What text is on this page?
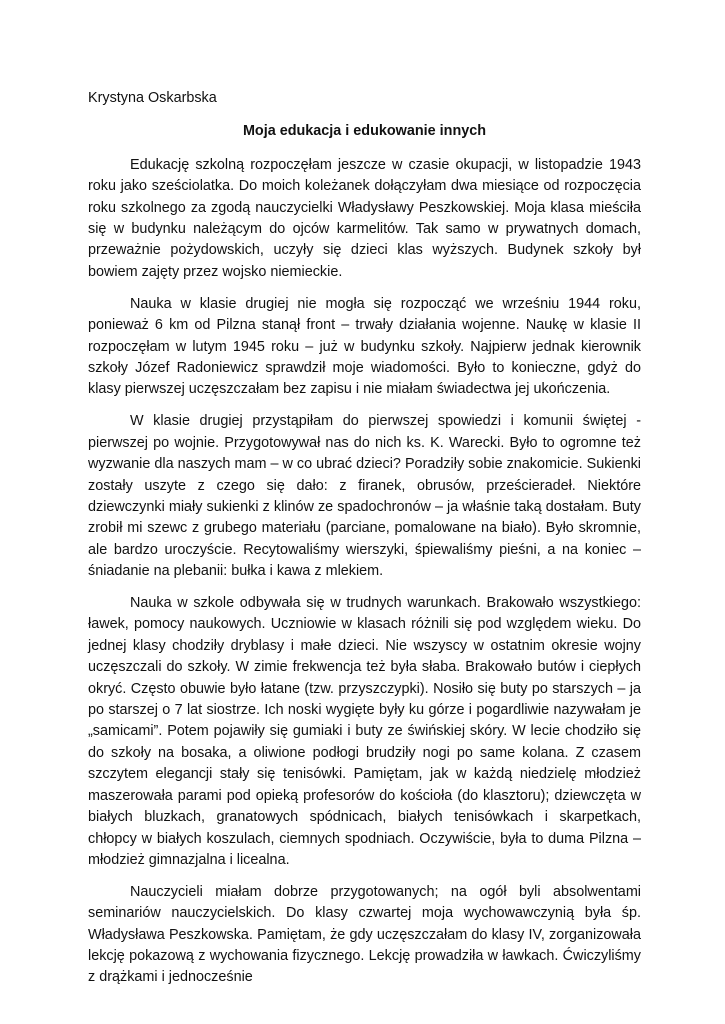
Krystyna Oskarbska

Moja edukacja i edukowanie innych

Edukację szkolną rozpoczęłam jeszcze w czasie okupacji, w listopadzie 1943 roku jako sześciolatka. Do moich koleżanek dołączyłam dwa miesiące od rozpoczęcia roku szkolnego za zgodą nauczycielki Władysławy Peszkowskiej. Moja klasa mieściła się w budynku należącym do ojców karmelitów. Tak samo w prywatnych domach, przeważnie pożydowskich, uczyły się dzieci klas wyższych. Budynek szkoły był bowiem zajęty przez wojsko niemieckie.

Nauka w klasie drugiej nie mogła się rozpocząć we wrześniu 1944 roku, ponieważ 6 km od Pilzna stanął front – trwały działania wojenne. Naukę w klasie II rozpoczęłam w lutym 1945 roku – już w budynku szkoły. Najpierw jednak kierownik szkoły Józef Radoniewicz sprawdził moje wiadomości. Było to konieczne, gdyż do klasy pierwszej uczęszczałam bez zapisu i nie miałam świadectwa jej ukończenia.

W klasie drugiej przystąpiłam do pierwszej spowiedzi i komunii świętej - pierwszej po wojnie. Przygotowywał nas do nich ks. K. Warecki. Było to ogromne też wyzwanie dla naszych mam – w co ubrać dzieci? Poradziły sobie znakomicie. Sukienki zostały uszyte z czego się dało: z firanek, obrusów, prześcieradeł. Niektóre dziewczynki miały sukienki z klinów ze spadochronów – ja właśnie taką dostałam. Buty zrobił mi szewc z grubego materiału (parciane, pomalowane na biało). Było skromnie, ale bardzo uroczyście. Recytowaliśmy wierszyki, śpiewaliśmy pieśni, a na koniec – śniadanie na plebanii: bułka i kawa z mlekiem.

Nauka w szkole odbywała się w trudnych warunkach. Brakowało wszystkiego: ławek, pomocy naukowych. Uczniowie w klasach różnili się pod względem wieku. Do jednej klasy chodziły dryblasy i małe dzieci. Nie wszyscy w ostatnim okresie wojny uczęszczali do szkoły. W zimie frekwencja też była słaba. Brakowało butów i ciepłych okryć. Często obuwie było łatane (tzw. przyszczypki). Nosiło się buty po starszych – ja po starszej o 7 lat siostrze. Ich noski wygięte były ku górze i pogardliwie nazywałam je „samicami”. Potem pojawiły się gumiaki i buty ze świńskiej skóry. W lecie chodziło się do szkoły na bosaka, a oliwione podłogi brudziły nogi po same kolana. Z czasem szczytem elegancji stały się tenisówki. Pamiętam, jak w każdą niedzielę młodzież maszerowała parami pod opieką profesorów do kościoła (do klasztoru); dziewczęta w białych bluzkach, granatowych spódnicach, białych tenisówkach i skarpetkach, chłopcy w białych koszulach, ciemnych spodniach. Oczywiście, była to duma Pilzna – młodzież gimnazjalna i licealna.

Nauczycieli miałam dobrze przygotowanych; na ogół byli absolwentami seminariów nauczycielskich. Do klasy czwartej moja wychowawczynią była śp. Władysława Peszkowska. Pamiętam, że gdy uczęszczałam do klasy IV, zorganizowała lekcję pokazową z wychowania fizycznego. Lekcję prowadziła w ławkach. Ćwiczyliśmy z drążkami i jednocześnie
